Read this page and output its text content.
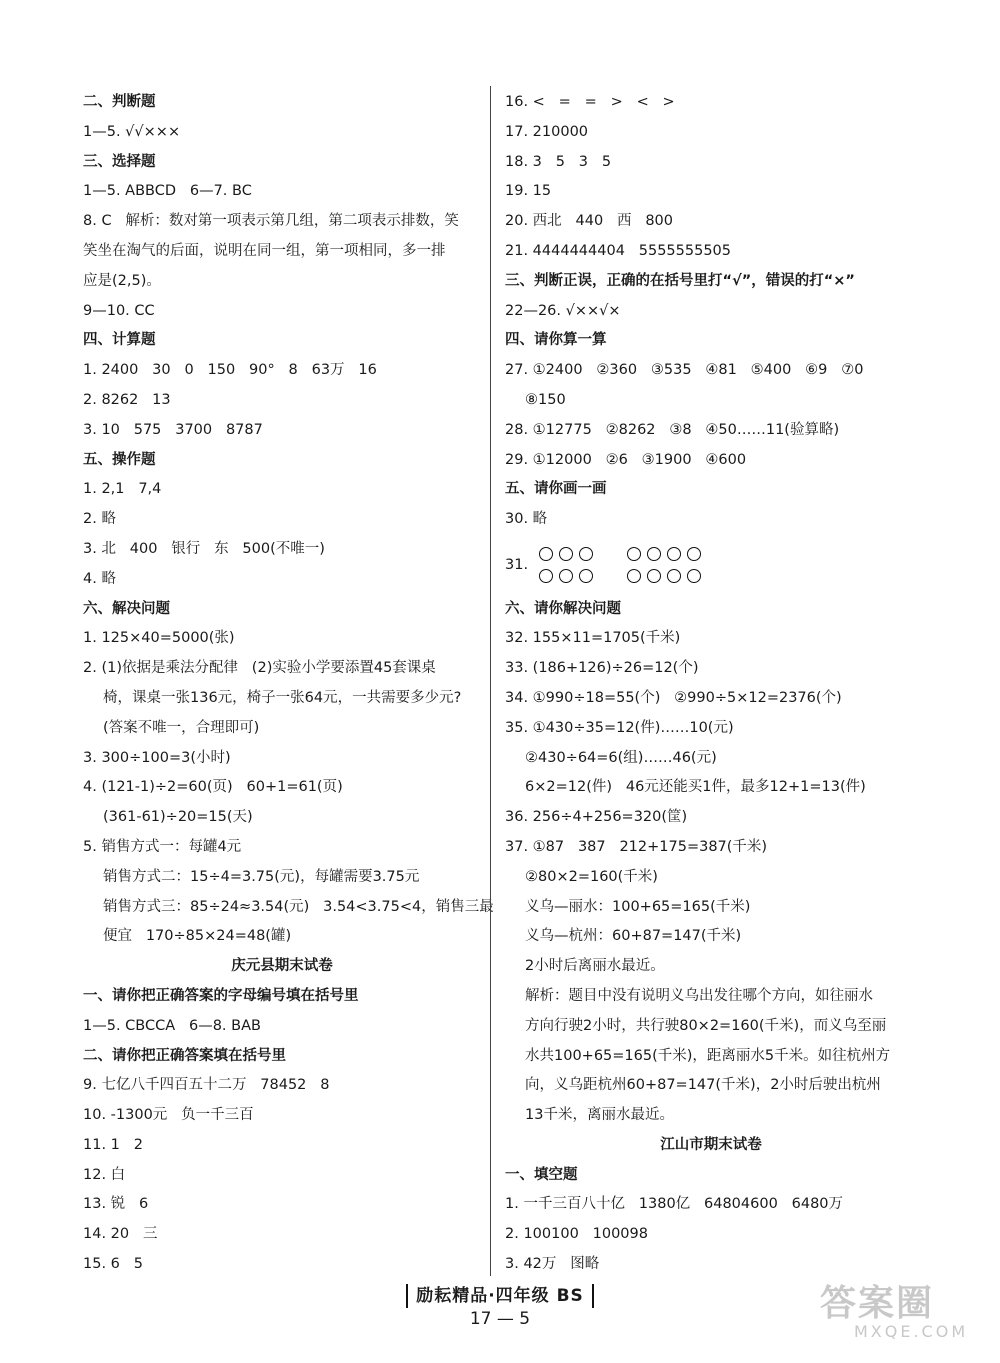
二、判断题
1—5. √√×××
三、选择题
1—5. ABBCD   6—7. BC
8. C   解析：数对第一项表示第几组，第二项表示排数，笑
笑坐在淘气的后面，说明在同一组，第一项相同，多一排
应是(2,5)。
9—10. CC
四、计算题
1. 2400   30   0   150   90°   8   63万   16
2. 8262   13
3. 10   575   3700   8787
五、操作题
1. 2,1   7,4
2. 略
3. 北   400   银行   东   500(不唯一)
4. 略
六、解决问题
1. 125×40=5000(张)
2. (1)依据是乘法分配律   (2)实验小学要添置45套课桌
椅，课桌一张136元，椅子一张64元，一共需要多少元?
(答案不唯一，合理即可)
3. 300÷100=3(小时)
4. (121-1)÷2=60(页)   60+1=61(页)
(361-61)÷20=15(天)
5. 销售方式一：每罐4元
销售方式二：15÷4=3.75(元)，每罐需要3.75元
销售方式三：85÷24≈3.54(元)   3.54<3.75<4，销售三最
便宜   170÷85×24=48(罐)
庆元县期末试卷
一、请你把正确答案的字母编号填在括号里
1—5. CBCCA   6—8. BAB
二、请你把正确答案填在括号里
9. 七亿八千四百五十二万   78452   8
10. -1300元   负一千三百
11. 1   2
12. 白
13. 锐   6
14. 20   三
15. 6   5
16. <   =   =   >   <   >
17. 210000
18. 3   5   3   5
19. 15
20. 西北   440   西   800
21. 4444444404   5555555505
三、判断正误，正确的在括号里打“√”，错误的打“×”
22—26. √××√×
四、请你算一算
27. ①2400   ②360   ③535   ④81   ⑤400   ⑥9   ⑦0
⑧150
28. ①12775   ②8262   ③8   ④50……11(验算略)
29. ①12000   ②6   ③1900   ④600
五、请你画一画
30. 略
31.
六、请你解决问题
32. 155×11=1705(千米)
33. (186+126)÷26=12(个)
34. ①990÷18=55(个)   ②990÷5×12=2376(个)
35. ①430÷35=12(件)……10(元)
②430÷64=6(组)……46(元)
6×2=12(件)   46元还能买1件，最多12+1=13(件)
36. 256÷4+256=320(筐)
37. ①87   387   212+175=387(千米)
②80×2=160(千米)
义乌—丽水：100+65=165(千米)
义乌—杭州：60+87=147(千米)
2小时后离丽水最近。
解析：题目中没有说明义乌出发往哪个方向，如往丽水
方向行驶2小时，共行驶80×2=160(千米)，而义乌至丽
水共100+65=165(千米)，距离丽水5千米。如往杭州方
向，义乌距杭州60+87=147(千米)，2小时后驶出杭州
13千米，离丽水最近。
江山市期末试卷
一、填空题
1. 一千三百八十亿   1380亿   64804600   6480万
2. 100100   100098
3. 42万   图略
励耘精品·四年级 BS
17 — 5	答案圈
MXQE.COM
